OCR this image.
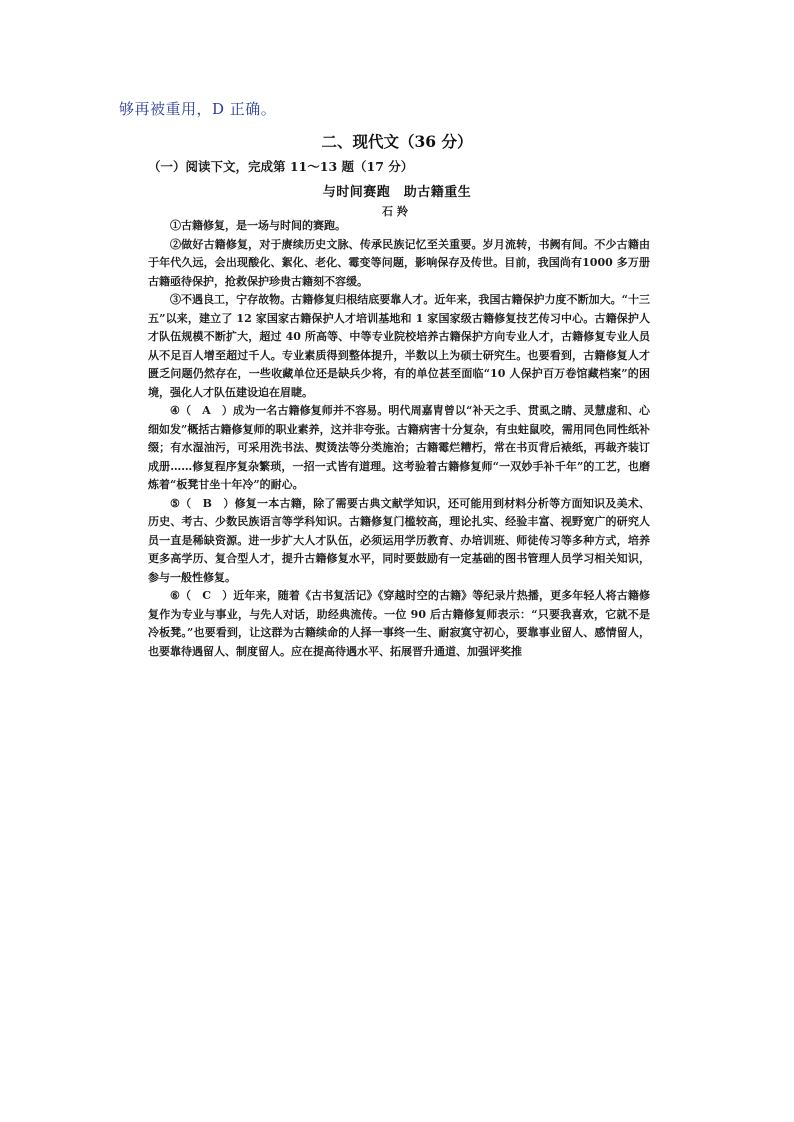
够再被重用，D 正确。
二、现代文（36 分）
（一）阅读下文，完成第 11～13 题（17 分）
与时间赛跑　助古籍重生
石羚

①古籍修复，是一场与时间的赛跑。

②做好古籍修复，对于赓续历史文脉、传承民族记忆至关重要。岁月流转，书阙有间。不少古籍由于年代久远，会出现酸化、絮化、老化、霉变等问题，影响保存及传世。目前，我国尚有1000 多万册古籍亟待保护，抢救保护珍贵古籍刻不容缓。

③不遇良工，宁存故物。古籍修复归根结底要靠人才。近年来，我国古籍保护力度不断加大。“十三五”以来，建立了 12 家国家古籍保护人才培训基地和 1 家国家级古籍修复技艺传习中心。古籍保护人才队伍规模不断扩大，超过 40 所高等、中等专业院校培养古籍保护方向专业人才，古籍修复专业人员从不足百人增至超过千人。专业素质得到整体提升，半数以上为硕士研究生。也要看到，古籍修复人才匮乏问题仍然存在，一些收藏单位还是缺兵少将，有的单位甚至面临“10 人保护百万卷馆藏档案”的困境，强化人才队伍建设迫在眉睫。

④（　A　）成为一名古籍修复师并不容易。明代周嘉胄曾以“补天之手、贯虱之睛、灵慧虚和、心细如发”概括古籍修复师的职业素养，这并非夸张。古籍病害十分复杂，有虫蛀鼠咬，需用同色同性纸补缀；有水湿油污，可采用洗书法、熨烫法等分类施治；古籍霉烂糟朽，常在书页背后裱纸，再裁齐装订成册……修复程序复杂繁琐，一招一式皆有道理。这考验着古籍修复师“一双妙手补千年”的工艺，也磨炼着“板凳甘坐十年冷”的耐心。

⑤（　B　）修复一本古籍，除了需要古典文献学知识，还可能用到材料分析等方面知识及美术、历史、考古、少数民族语言等学科知识。古籍修复门槛较高，理论扎实、经验丰富、视野宽广的研究人员一直是稀缺资源。进一步扩大人才队伍，必须运用学历教育、办培训班、师徒传习等多种方式，培养更多高学历、复合型人才，提升古籍修复水平，同时要鼓励有一定基础的图书管理人员学习相关知识，参与一般性修复。

⑥（　C　）近年来，随着《古书复活记》《穿越时空的古籍》等纪录片热播，更多年轻人将古籍修复作为专业与事业，与先人对话，助经典流传。一位 90 后古籍修复师表示：“只要我喜欢，它就不是冷板凳。”也要看到，让这群为古籍续命的人择一事终一生、耐寂寞守初心，要靠事业留人、感情留人，也要靠待遇留人、制度留人。应在提高待遇水平、拓展晋升通道、加强评奖推
